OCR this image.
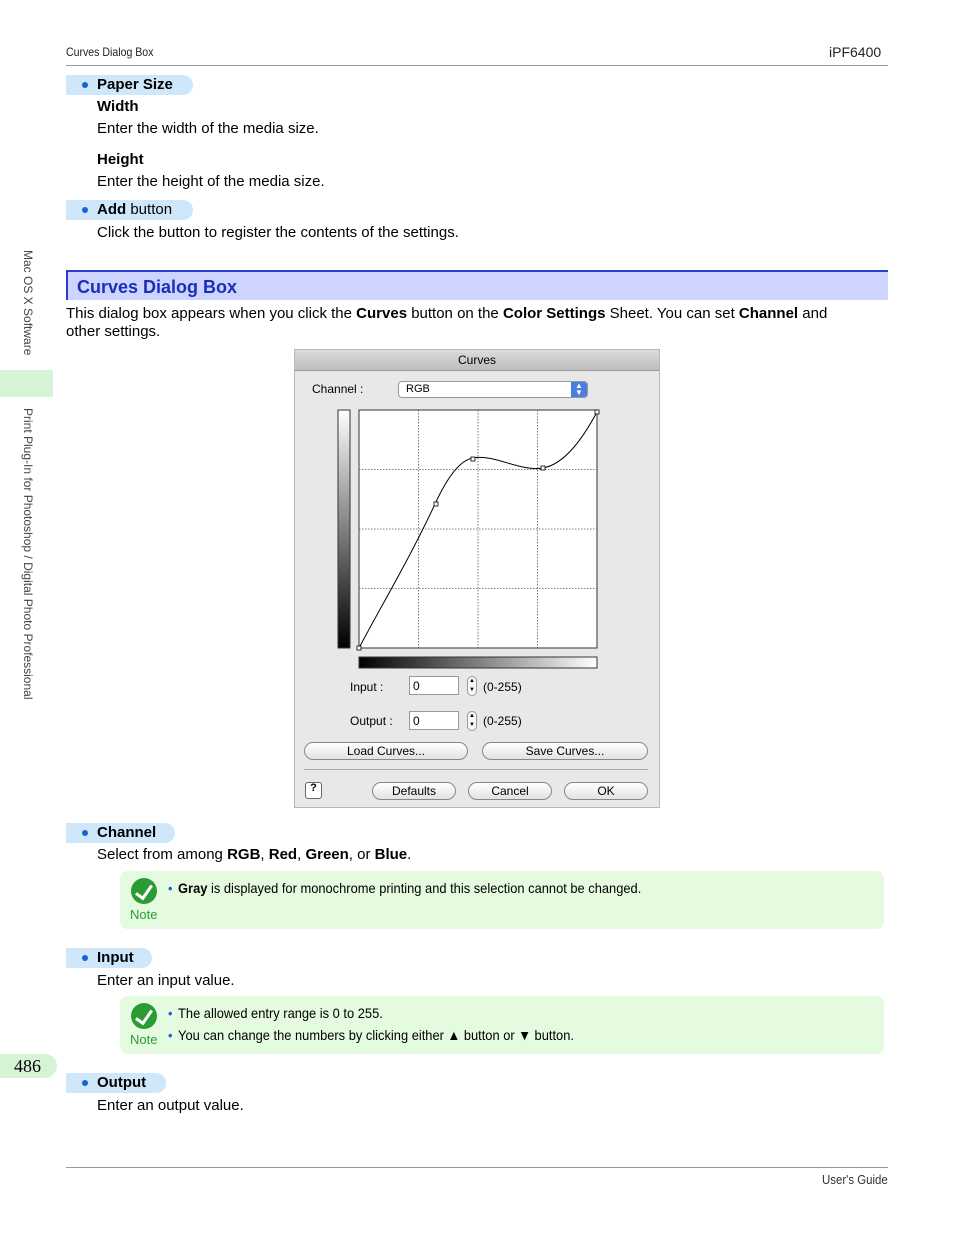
Curves Dialog Box	iPF6400
Mac OS X Software
Print Plug-In for Photoshop / Digital Photo Professional
486
Paper Size
Width
Enter the width of the media size.
Height
Enter the height of the media size.
Add button
Click the button to register the contents of the settings.
Curves Dialog Box
This dialog box appears when you click the Curves button on the Color Settings Sheet. You can set Channel and
other settings.
Curves
Channel :	RGB	▲
▼
Input : 0	▲
▼ (0-255)
Output : 0	▲
▼ (0-255)
Load Curves...	Save Curves...
?
Defaults	Cancel	OK
Channel
Select from among RGB, Red, Green, or Blue.
Note
• Gray is displayed for monochrome printing and this selection cannot be changed.
Input
Enter an input value.
Note
• The allowed entry range is 0 to 255.
• You can change the numbers by clicking either ▲ button or ▼ button.
Output
Enter an output value.
User's Guide
